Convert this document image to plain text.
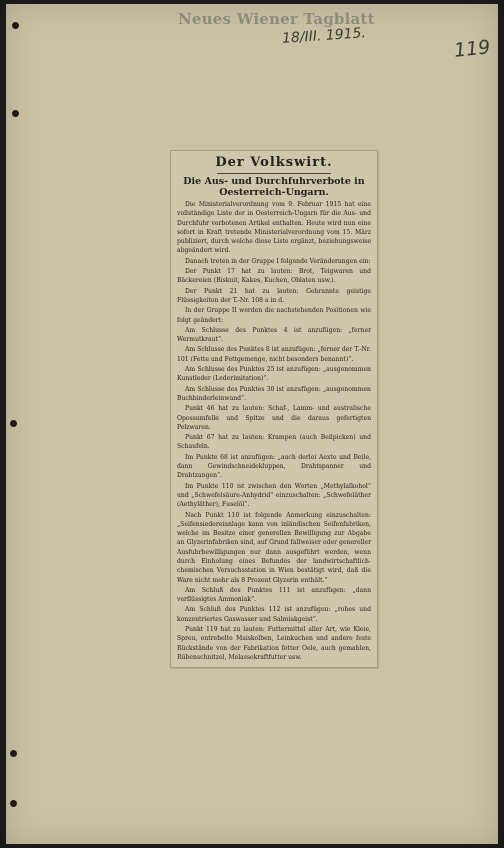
Neues Wiener Tagblatt
18/III. 1915.
119
Der Volkswirt.
Die Aus- und Durchfuhrverbote in Oesterreich-Ungarn.

Die Ministerialverordnung vom 9. Februar 1915 hat eine vollständige Liste der in Oesterreich-Ungarn für die Aus- und Durchfuhr verbotenen Artikel enthalten. Heute wird nun eine sofort in Kraft tretende Ministerialverordnung vom 15. März publiziert, durch welche diese Liste ergänzt, beziehungsweise abgeändert wird.

Danach treten in der Gruppe I folgende Veränderungen ein:

Der Punkt 17 hat zu lauten: Brot, Teigwaren und Bäckereien (Biskuit, Kakes, Kuchen, Oblaten usw.).

Der Punkt 21 hat zu lauten: Gebrannte geistige Flüssigkeiten der T.-Nr. 108 a in d.

In der Gruppe II werden die nachstehenden Positionen wie folgt geändert:

Am Schlusse des Punktes 4 ist anzufügen: „ferner Wermutkraut“.

Am Schlusse des Punktes 8 ist anzufügen: „ferner der T.-Nr. 101 (Fette und Fettgemenge, nicht besonders benannt)“.

Am Schlusse des Punktes 25 ist anzufügen: „ausgenommen Kunstleder (Lederimitation)“.

Am Schlusse des Punktes 30 ist anzufügen: „ausgenommen Buchbinderleinwand“.

Punkt 46 hat zu lauten: Schaf-, Lamm- und australische Opossumfelle und Spitze und die daraus gefertigten Pelzwaren.

Punkt 67 hat zu lauten: Krampen (auch Beilpicken) und Schaufeln.

Im Punkte 68 ist anzufügen: „auch derlei Aexte und Beile, dann Gewindschneidekluppen, Drahtspanner und Drahtzangen“.

Im Punkte 110 ist zwischen den Worten „Methylalkohol“ und „Schwefelsäure-Anhydrid“ einzuschalten: „Schwefeläther (Aethyläther), Fuselöl“.

Nach Punkt 110 ist folgende Anmerkung einzuschalten: „Seifensiedereianlage kann von inländischen Seifenfabriken, welche im Besitze einer generellen Bewilligung zur Abgabe an Glyzerinfabriken sind, auf Grund fallweiser oder genereller Ausfuhrbewilligungen nur dann ausgeführt werden, wenn durch Einholung eines Befundes der landwirtschaftlich-chemischen Versuchsstation in Wien bestätigt wird, daß die Ware nicht mehr als 8 Prozent Glyzerin enthält.“

Am Schluß des Punktes 111 ist anzufügen: „dann verflüssigtes Ammoniak“.

Am Schluß des Punktes 112 ist anzufügen: „rohes und konzentriertes Gaswasser und Salmiakgeist“.

Punkt 119 hat zu lauten: Futtermittel aller Art, wie Kleie, Spreu, entrebelte Maiskolben, Leinkuchen und andere feste Rückstände von der Fabrikation fetter Oele, auch gemahlen, Rübenschnitzel, Melassekraftfutter usw.
